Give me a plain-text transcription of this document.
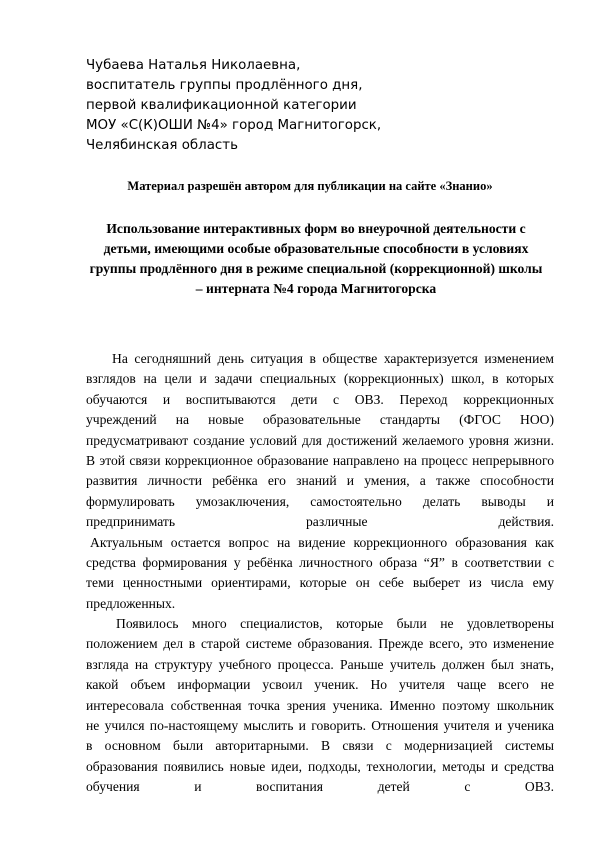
Чубаева Наталья Николаевна,
воспитатель группы продлённого дня,
первой квалификационной категории
МОУ «С(К)ОШИ №4» город Магнитогорск,
Челябинская область
Материал разрешён автором для публикации на сайте «Знанио»
Использование интерактивных форм во внеурочной деятельности с
детьми, имеющими особые образовательные способности в условиях
группы продлённого дня в режиме специальной (коррекционной) школы
– интерната №4 города Магнитогорска
На сегодняшний день ситуация в обществе характеризуется изменением
взглядов на цели и задачи специальных (коррекционных) школ, в которых
обучаются и воспитываются дети с ОВЗ. Переход коррекционных
учреждений на новые образовательные стандарты (ФГОС НОО)
предусматривают создание условий для достижений желаемого уровня жизни.
В этой связи коррекционное образование направлено на процесс непрерывного
развития личности ребёнка его знаний и умения, а также способности
формулировать умозаключения, самостоятельно делать выводы и
предпринимать различные действия.
Актуальным остается вопрос на видение коррекционного образования как
средства формирования у ребёнка личностного образа “Я” в соответствии с
теми ценностными ориентирами, которые он себе выберет из числа ему
предложенных.
Появилось много специалистов, которые были не удовлетворены
положением дел в старой системе образования. Прежде всего, это изменение
взгляда на структуру учебного процесса. Раньше учитель должен был знать,
какой объем информации усвоил ученик. Но учителя чаще всего не
интересовала собственная точка зрения ученика. Именно поэтому школьник
не учился по-настоящему мыслить и говорить. Отношения учителя и ученика
в основном были авторитарными. В связи с модернизацией системы
образования появились новые идеи, подходы, технологии, методы и средства
обучения и воспитания детей с ОВЗ.
